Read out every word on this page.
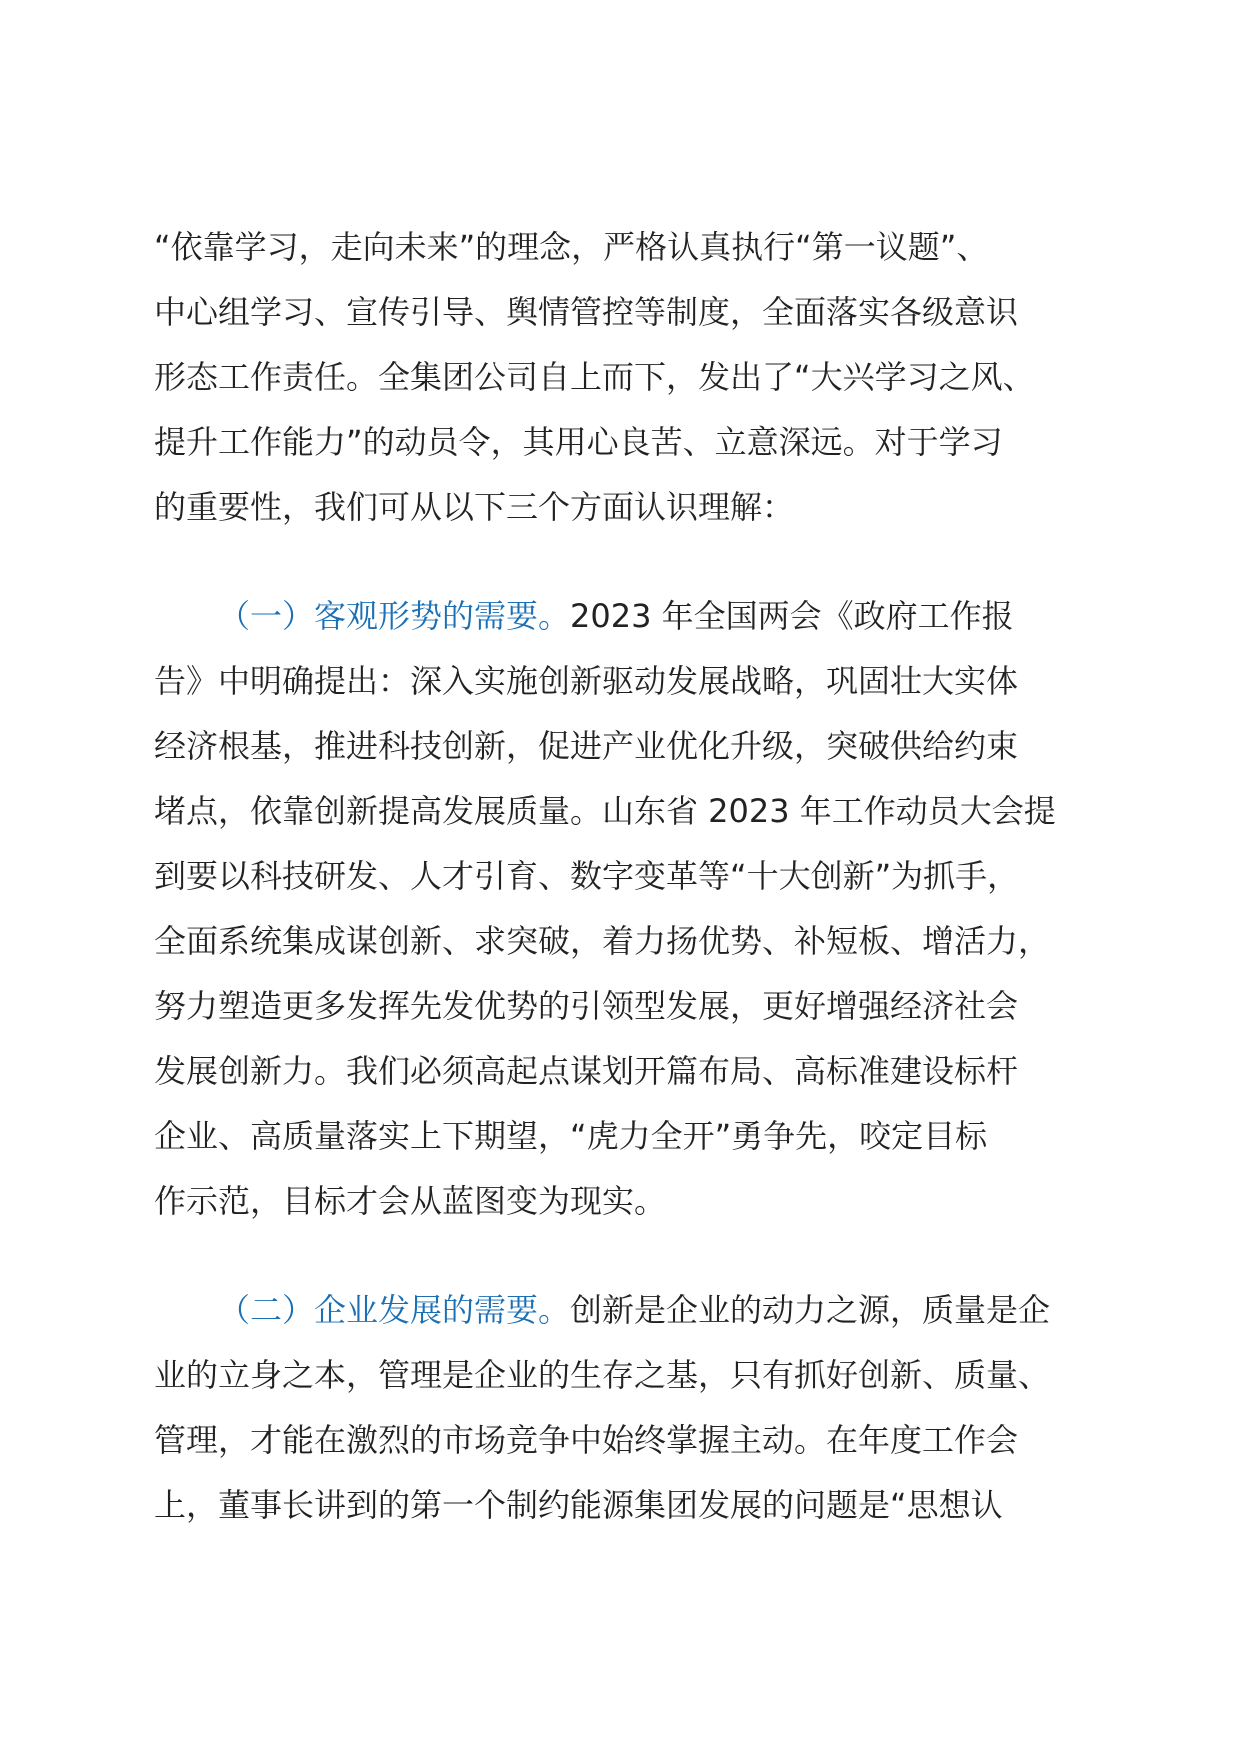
“依靠学习，走向未来”的理念，严格认真执行“第一议题”、
中心组学习、宣传引导、舆情管控等制度，全面落实各级意识
形态工作责任。全集团公司自上而下，发出了“大兴学习之风、
提升工作能力”的动员令，其用心良苦、立意深远。对于学习
的重要性，我们可从以下三个方面认识理解：
（一）客观形势的需要。2023 年全国两会《政府工作报
告》中明确提出：深入实施创新驱动发展战略，巩固壮大实体
经济根基，推进科技创新，促进产业优化升级，突破供给约束
堵点，依靠创新提高发展质量。山东省 2023 年工作动员大会提
到要以科技研发、人才引育、数字变革等“十大创新”为抓手，
全面系统集成谋创新、求突破，着力扬优势、补短板、增活力，
努力塑造更多发挥先发优势的引领型发展，更好增强经济社会
发展创新力。我们必须高起点谋划开篇布局、高标准建设标杆
企业、高质量落实上下期望，“虎力全开”勇争先，咬定目标
作示范，目标才会从蓝图变为现实。
（二）企业发展的需要。创新是企业的动力之源，质量是企
业的立身之本，管理是企业的生存之基，只有抓好创新、质量、
管理，才能在激烈的市场竞争中始终掌握主动。在年度工作会
上，董事长讲到的第一个制约能源集团发展的问题是“思想认
